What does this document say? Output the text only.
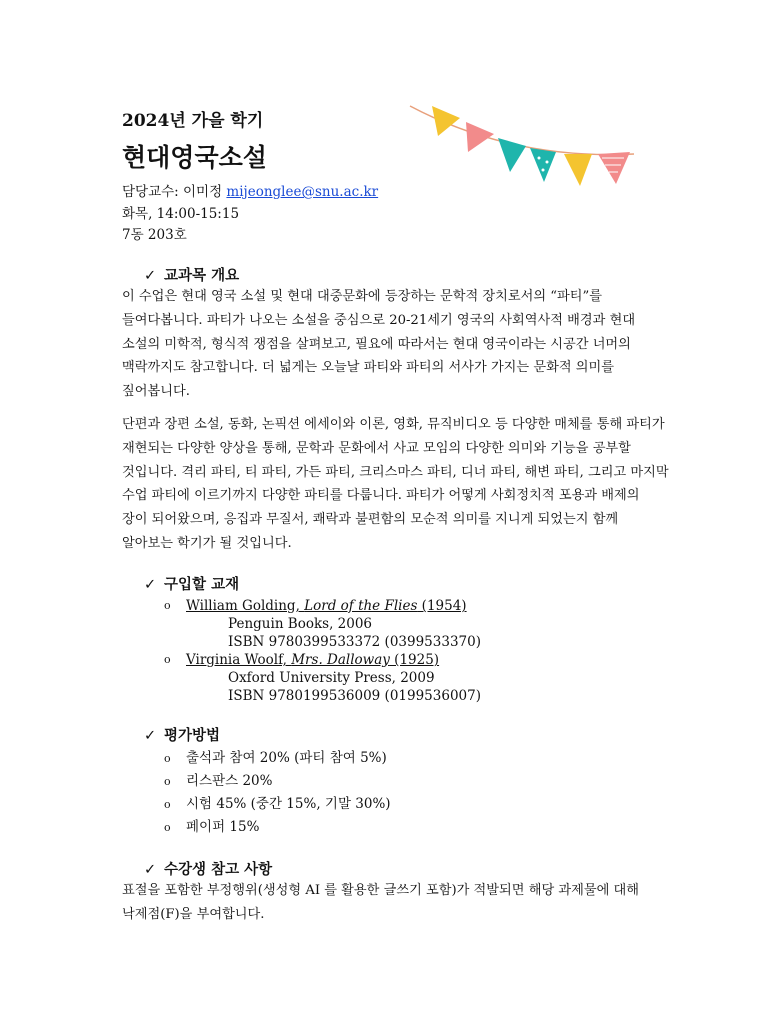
2024년 가을 학기
현대영국소설
담당교수: 이미정 mijeonglee@snu.ac.kr
화목, 14:00-15:15
7동 203호
✓ 교과목 개요
이 수업은 현대 영국 소설 및 현대 대중문화에 등장하는 문학적 장치로서의 “파티”를
들여다봅니다. 파티가 나오는 소설을 중심으로 20-21세기 영국의 사회역사적 배경과 현대
소설의 미학적, 형식적 쟁점을 살펴보고, 필요에 따라서는 현대 영국이라는 시공간 너머의
맥락까지도 참고합니다. 더 넓게는 오늘날 파티와 파티의 서사가 가지는 문화적 의미를
짚어봅니다.
단편과 장편 소설, 동화, 논픽션 에세이와 이론, 영화, 뮤직비디오 등 다양한 매체를 통해 파티가
재현되는 다양한 양상을 통해, 문학과 문화에서 사교 모임의 다양한 의미와 기능을 공부할
것입니다. 격리 파티, 티 파티, 가든 파티, 크리스마스 파티, 디너 파티, 해변 파티, 그리고 마지막
수업 파티에 이르기까지 다양한 파티를 다룹니다. 파티가 어떻게 사회정치적 포용과 배제의
장이 되어왔으며, 응집과 무질서, 쾌락과 불편함의 모순적 의미를 지니게 되었는지 함께
알아보는 학기가 될 것입니다.
✓ 구입할 교재
o William Golding, Lord of the Flies (1954)
Penguin Books, 2006
ISBN 9780399533372 (0399533370)
o Virginia Woolf, Mrs. Dalloway (1925)
Oxford University Press, 2009
ISBN 9780199536009 (0199536007)
✓ 평가방법
o 출석과 참여 20% (파티 참여 5%)
o 리스판스 20%
o 시험 45% (중간 15%, 기말 30%)
o 페이퍼 15%
✓ 수강생 참고 사항
표절을 포함한 부정행위(생성형 AI 를 활용한 글쓰기 포함)가 적발되면 해당 과제물에 대해
낙제점(F)을 부여합니다.
